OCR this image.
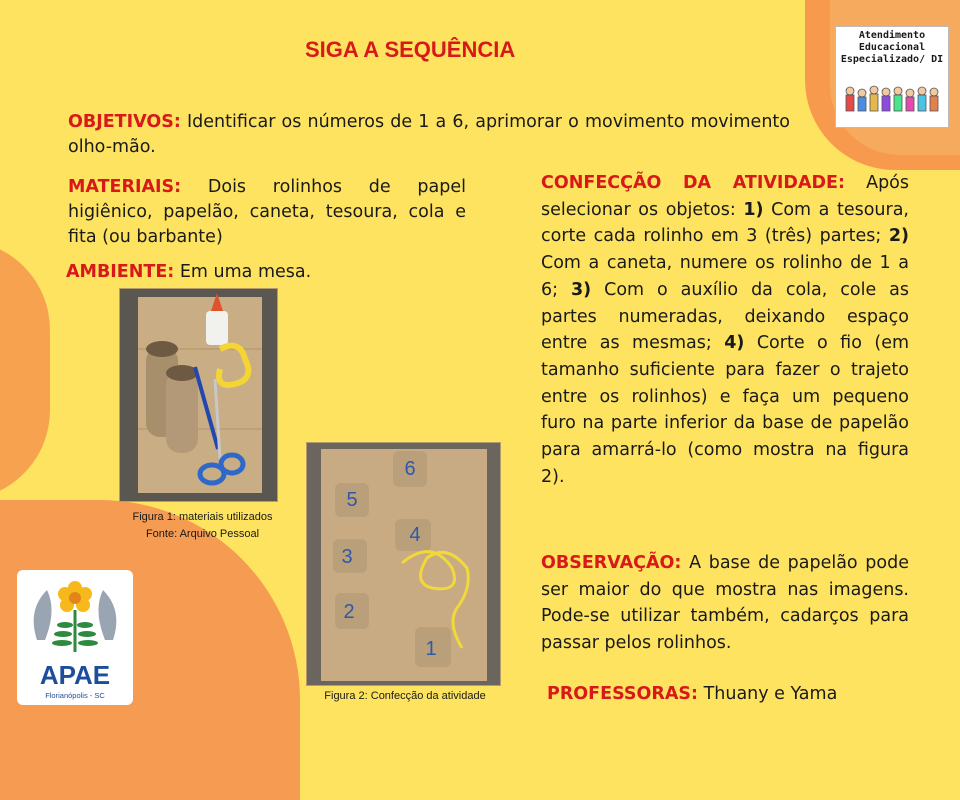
Atendimento
Educacional
Especializado/ DI
SIGA A SEQUÊNCIA
OBJETIVOS: Identificar os números de 1 a 6, aprimorar o movimento movimento olho-mão.
MATERIAIS: Dois rolinhos de papel higiênico, papelão, caneta, tesoura, cola e fita (ou barbante)
AMBIENTE: Em uma mesa.
CONFECÇÃO DA ATIVIDADE: Após selecionar os objetos: 1) Com a tesoura, corte cada rolinho em 3 (três) partes; 2) Com a caneta, numere os rolinho de 1 a 6; 3) Com o auxílio da cola, cole as partes numeradas, deixando espaço entre as mesmas; 4) Corte o fio (em tamanho suficiente para fazer o trajeto entre os rolinhos) e faça um pequeno furo na parte inferior da base de papelão para amarrá-lo (como mostra na figura 2).
OBSERVAÇÃO: A base de papelão pode ser maior do que mostra nas imagens. Pode-se utilizar também, cadarços para passar pelos rolinhos.
PROFESSORAS: Thuany e Yama
Figura 1: materiais utilizados
Fonte: Arquivo Pessoal
6
5
4
3
2
1
Figura 2: Confecção da atividade
APAE
Florianópolis - SC
